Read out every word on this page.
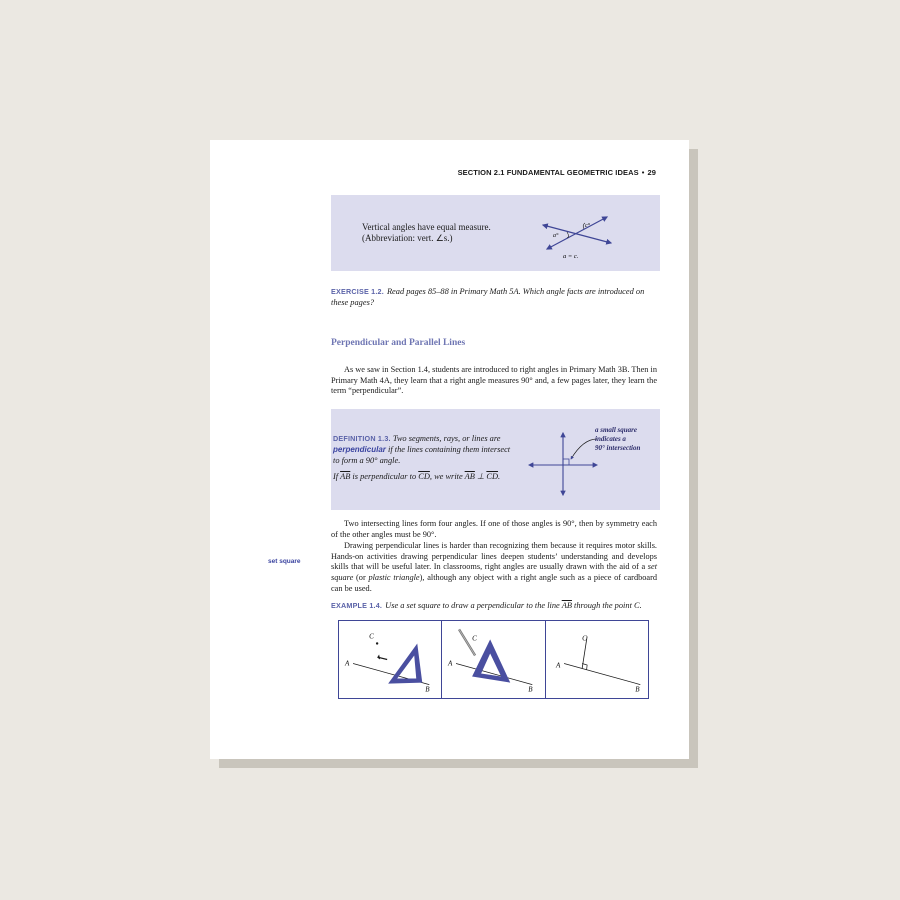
SECTION 2.1 FUNDAMENTAL GEOMETRIC IDEAS • 29
Vertical angles have equal measure.
(Abbreviation: vert. ∠s.)	a°
c°
a = c.
EXERCISE 1.2. Read pages 85–88 in Primary Math 5A. Which angle facts are introduced on these pages?
Perpendicular and Parallel Lines
As we saw in Section 1.4, students are introduced to right angles in Primary Math 3B. Then in Primary Math 4A, they learn that a right angle measures 90° and, a few pages later, they learn the term “perpendicular”.
DEFINITION 1.3. Two segments, rays, or lines are perpendicular if the lines containing them intersect to form a 90° angle.
If $\overline{AB}$ is perpendicular to $\overline{CD}$, we write $\overline{AB}$ ⊥ $\overline{CD}$.
a small square
indicates a
90° intersection
Two intersecting lines form four angles. If one of those angles is 90°, then by symmetry each of the other angles must be 90°.
Drawing perpendicular lines is harder than recognizing them because it requires motor skills. Hands-on activities drawing perpendicular lines deepen students’ understanding and develops skills that will be useful later. In classrooms, right angles are usually drawn with the aid of a set square (or plastic triangle), although any object with a right angle such as a piece of cardboard can be used.
set square
EXAMPLE 1.4. Use a set square to draw a perpendicular to the line $\overline{AB}$ through the point C.
C
A
B
C
A
B
C
A
B
